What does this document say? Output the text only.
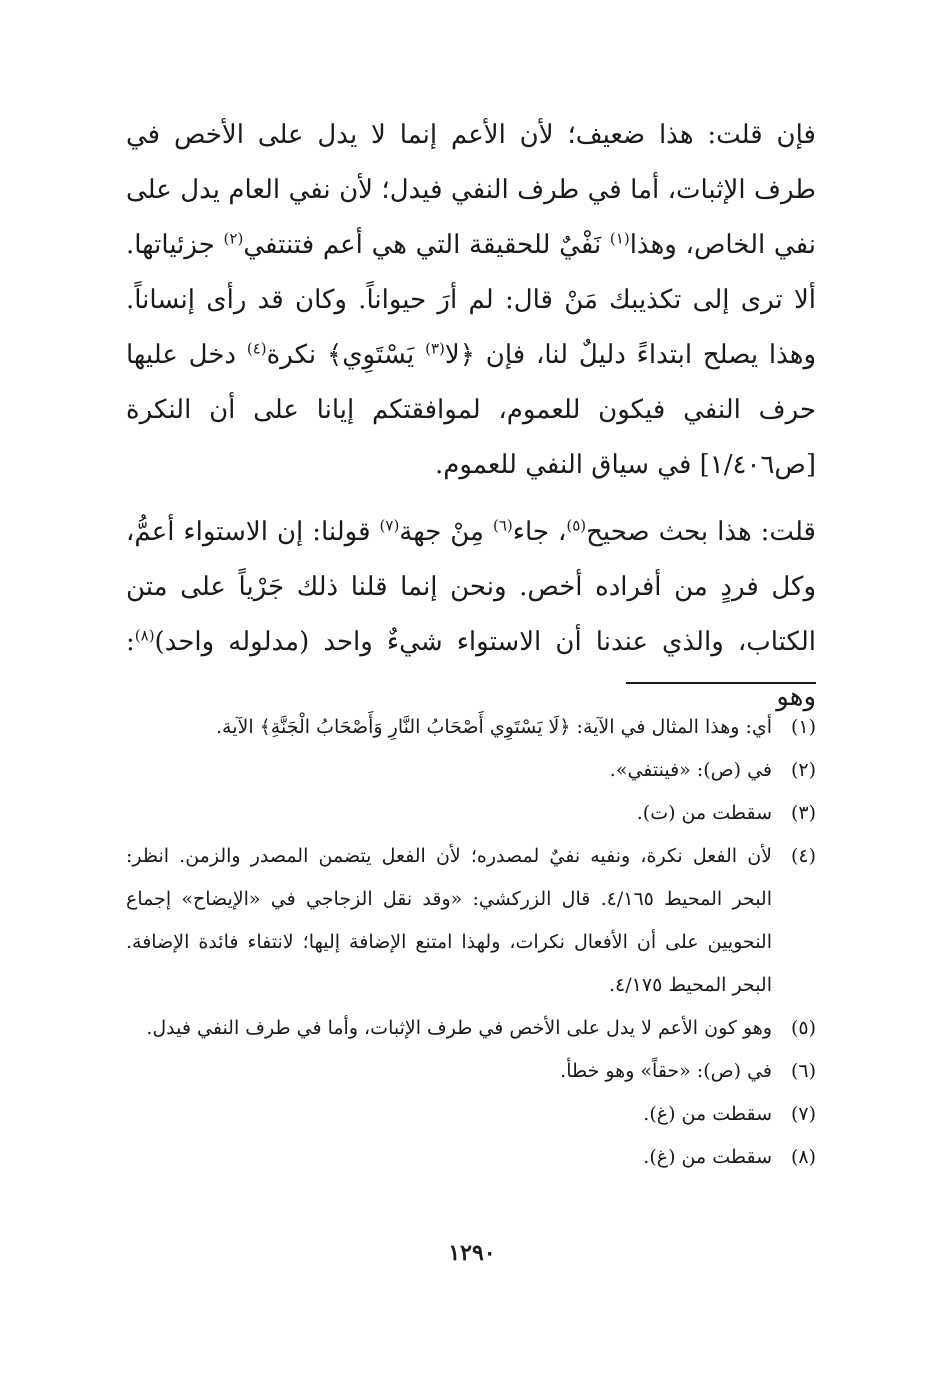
فإن قلت: هذا ضعيف؛ لأن الأعم إنما لا يدل على الأخص في طرف الإثبات، أما في طرف النفي فيدل؛ لأن نفي العام يدل على نفي الخاص، وهذا$^{(١)}$ نَفْيٌ للحقيقة التي هي أعم فتنتفي$^{(٢)}$ جزئياتها. ألا ترى إلى تكذيبك مَنْ قال: لم أرَ حيواناً. وكان قد رأى إنساناً. وهذا يصلح ابتداءً دليلٌ لنا، فإن ﴿لا$^{(٣)}$ يَسْتَوِي﴾ نكرة$^{(٤)}$ دخل عليها حرف النفي فيكون للعموم، لموافقتكم إيانا على أن النكرة [ص١/٤٠٦] في سياق النفي للعموم.

قلت: هذا بحث صحيح$^{(٥)}$، جاء$^{(٦)}$ مِنْ جهة$^{(٧)}$ قولنا: إن الاستواء أعمُّ، وكل فردٍ من أفراده أخص. ونحن إنما قلنا ذلك جَرْياً على متن الكتاب، والذي عندنا أن الاستواء شيءٌ واحد (مدلوله واحد)$^{(٨)}$: وهو

(١)
أي: وهذا المثال في الآية: ﴿لَا يَسْتَوِي أَصْحَابُ النَّارِ وَأَصْحَابُ الْجَنَّةِ﴾ الآية.
(٢)
في (ص): «فينتفي».
(٣)
سقطت من (ت).
(٤)
لأن الفعل نكرة، ونفيه نفيٌ لمصدره؛ لأن الفعل يتضمن المصدر والزمن. انظر: البحر المحيط ٤/١٦٥. قال الزركشي: «وقد نقل الزجاجي في «الإيضاح» إجماع النحويين على أن الأفعال نكرات، ولهذا امتنع الإضافة إليها؛ لانتفاء فائدة الإضافة. البحر المحيط ٤/١٧٥.
(٥)
وهو كون الأعم لا يدل على الأخص في طرف الإثبات، وأما في طرف النفي فيدل.
(٦)
في (ص): «حقاً» وهو خطأ.
(٧)
سقطت من (غ).
(٨)
سقطت من (غ).
١٢٩٠
